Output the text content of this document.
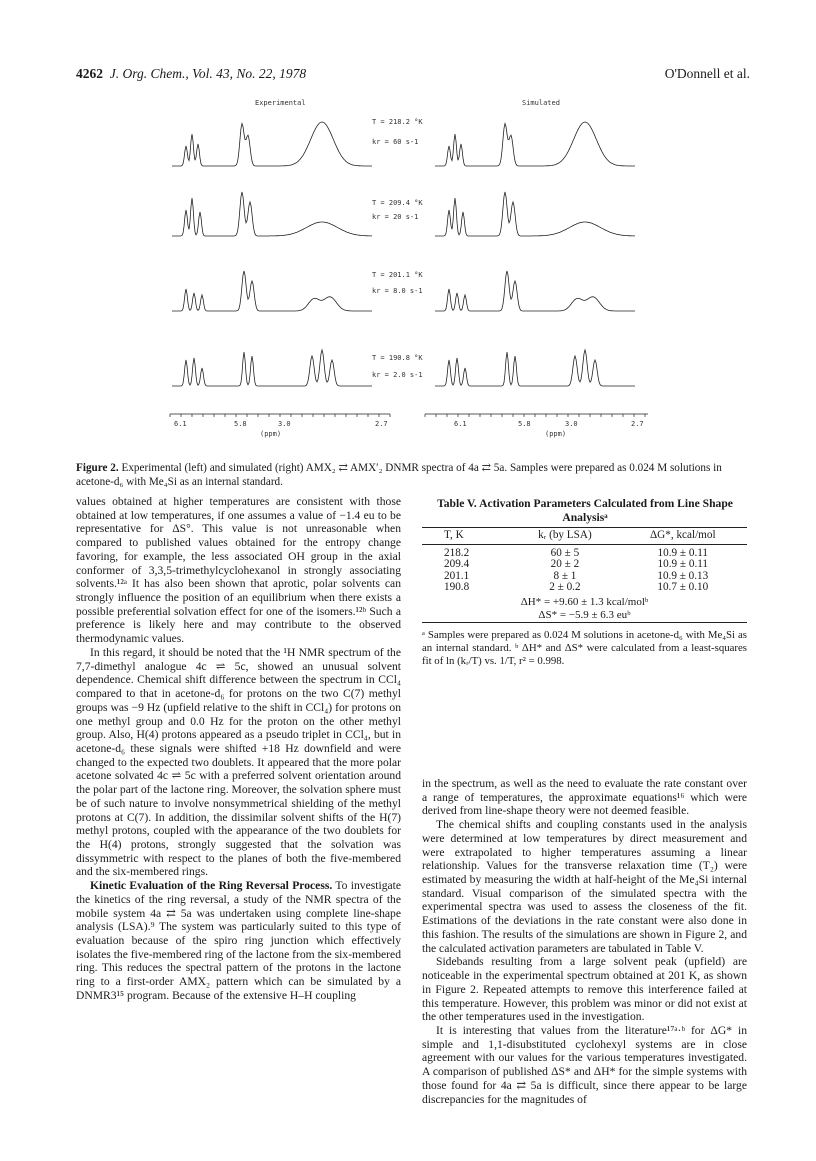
4262 J. Org. Chem., Vol. 43, No. 22, 1978	O'Donnell et al.
Experimental	Simulated
T = 218.2 °K
kr = 60 s-1
T = 209.4 °K
kr = 20 s-1
T = 201.1 °K
kr = 8.0 s-1
T = 190.8 °K
kr = 2.0 s-1
6.1	5.8	3.0	2.7
(ppm)
6.1	5.8	3.0	2.7
(ppm)
Figure 2. Experimental (left) and simulated (right) AMX₂ ⇄ AMX′₂ DNMR spectra of 4a ⇄ 5a. Samples were prepared as 0.024 M solutions in acetone-d₆ with Me₄Si as an internal standard.

values obtained at higher temperatures are consistent with those obtained at low temperatures, if one assumes a value of −1.4 eu to be representative for ΔS°. This value is not unreasonable when compared to published values obtained for the entropy change favoring, for example, the less associated OH group in the axial conformer of 3,3,5-trimethylcyclohexanol in strongly associating solvents.¹²ᵃ It has also been shown that aprotic, polar solvents can strongly influence the position of an equilibrium when there exists a possible preferential solvation effect for one of the isomers.¹²ᵇ Such a preference is likely here and may contribute to the observed thermodynamic values.

In this regard, it should be noted that the ¹H NMR spectrum of the 7,7-dimethyl analogue 4c ⇌ 5c, showed an unusual solvent dependence. Chemical shift difference between the spectrum in CCl₄ compared to that in acetone-d₆ for protons on the two C(7) methyl groups was −9 Hz (upfield relative to the shift in CCl₄) for protons on one methyl group and 0.0 Hz for the proton on the other methyl group. Also, H(4) protons appeared as a pseudo triplet in CCl₄, but in acetone-d₆ these signals were shifted +18 Hz downfield and were changed to the expected two doublets. It appeared that the more polar acetone solvated 4c ⇌ 5c with a preferred solvent orientation around the polar part of the lactone ring. Moreover, the solvation sphere must be of such nature to involve nonsymmetrical shielding of the methyl protons at C(7). In addition, the dissimilar solvent shifts of the H(7) methyl protons, coupled with the appearance of the two doublets for the H(4) protons, strongly suggested that the solvation was dissymmetric with respect to the planes of both the five-membered and the six-membered rings.

Kinetic Evaluation of the Ring Reversal Process. To investigate the kinetics of the ring reversal, a study of the NMR spectra of the mobile system 4a ⇄ 5a was undertaken using complete line-shape analysis (LSA).⁹ The system was particularly suited to this type of evaluation because of the spiro ring junction which effectively isolates the five-membered ring of the lactone from the six-membered ring. This reduces the spectral pattern of the protons in the lactone ring to a first-order AMX₂ pattern which can be simulated by a DNMR3¹⁵ program. Because of the extensive H–H coupling

Table V. Activation Parameters Calculated from Line Shape Analysisᵃ
T, K	kᵣ (by LSA)	ΔG*, kcal/mol
218.2	60 ± 5	10.9 ± 0.11
209.4	20 ± 2	10.9 ± 0.11
201.1	8 ± 1	10.9 ± 0.13
190.8	2 ± 0.2	10.7 ± 0.10
ΔH* = +9.60 ± 1.3 kcal/molᵇ
ΔS* = −5.9 ± 6.3 euᵇ
ᵃ Samples were prepared as 0.024 M solutions in acetone-d₆ with Me₄Si as an internal standard. ᵇ ΔH* and ΔS* were calculated from a least-squares fit of ln (kᵣ/T) vs. 1/T, r² = 0.998.

in the spectrum, as well as the need to evaluate the rate constant over a range of temperatures, the approximate equations¹⁶ which were derived from line-shape theory were not deemed feasible.

The chemical shifts and coupling constants used in the analysis were determined at low temperatures by direct measurement and were extrapolated to higher temperatures assuming a linear relationship. Values for the transverse relaxation time (T₂) were estimated by measuring the width at half-height of the Me₄Si internal standard. Visual comparison of the simulated spectra with the experimental spectra was used to assess the closeness of the fit. Estimations of the deviations in the rate constant were also done in this fashion. The results of the simulations are shown in Figure 2, and the calculated activation parameters are tabulated in Table V.

Sidebands resulting from a large solvent peak (upfield) are noticeable in the experimental spectrum obtained at 201 K, as shown in Figure 2. Repeated attempts to remove this interference failed at this temperature. However, this problem was minor or did not exist at the other temperatures used in the investigation.

It is interesting that values from the literature¹⁷ᵃ·ᵇ for ΔG* in simple and 1,1-disubstituted cyclohexyl systems are in close agreement with our values for the various temperatures investigated. A comparison of published ΔS* and ΔH* for the simple systems with those found for 4a ⇄ 5a is difficult, since there appear to be large discrepancies for the magnitudes of
